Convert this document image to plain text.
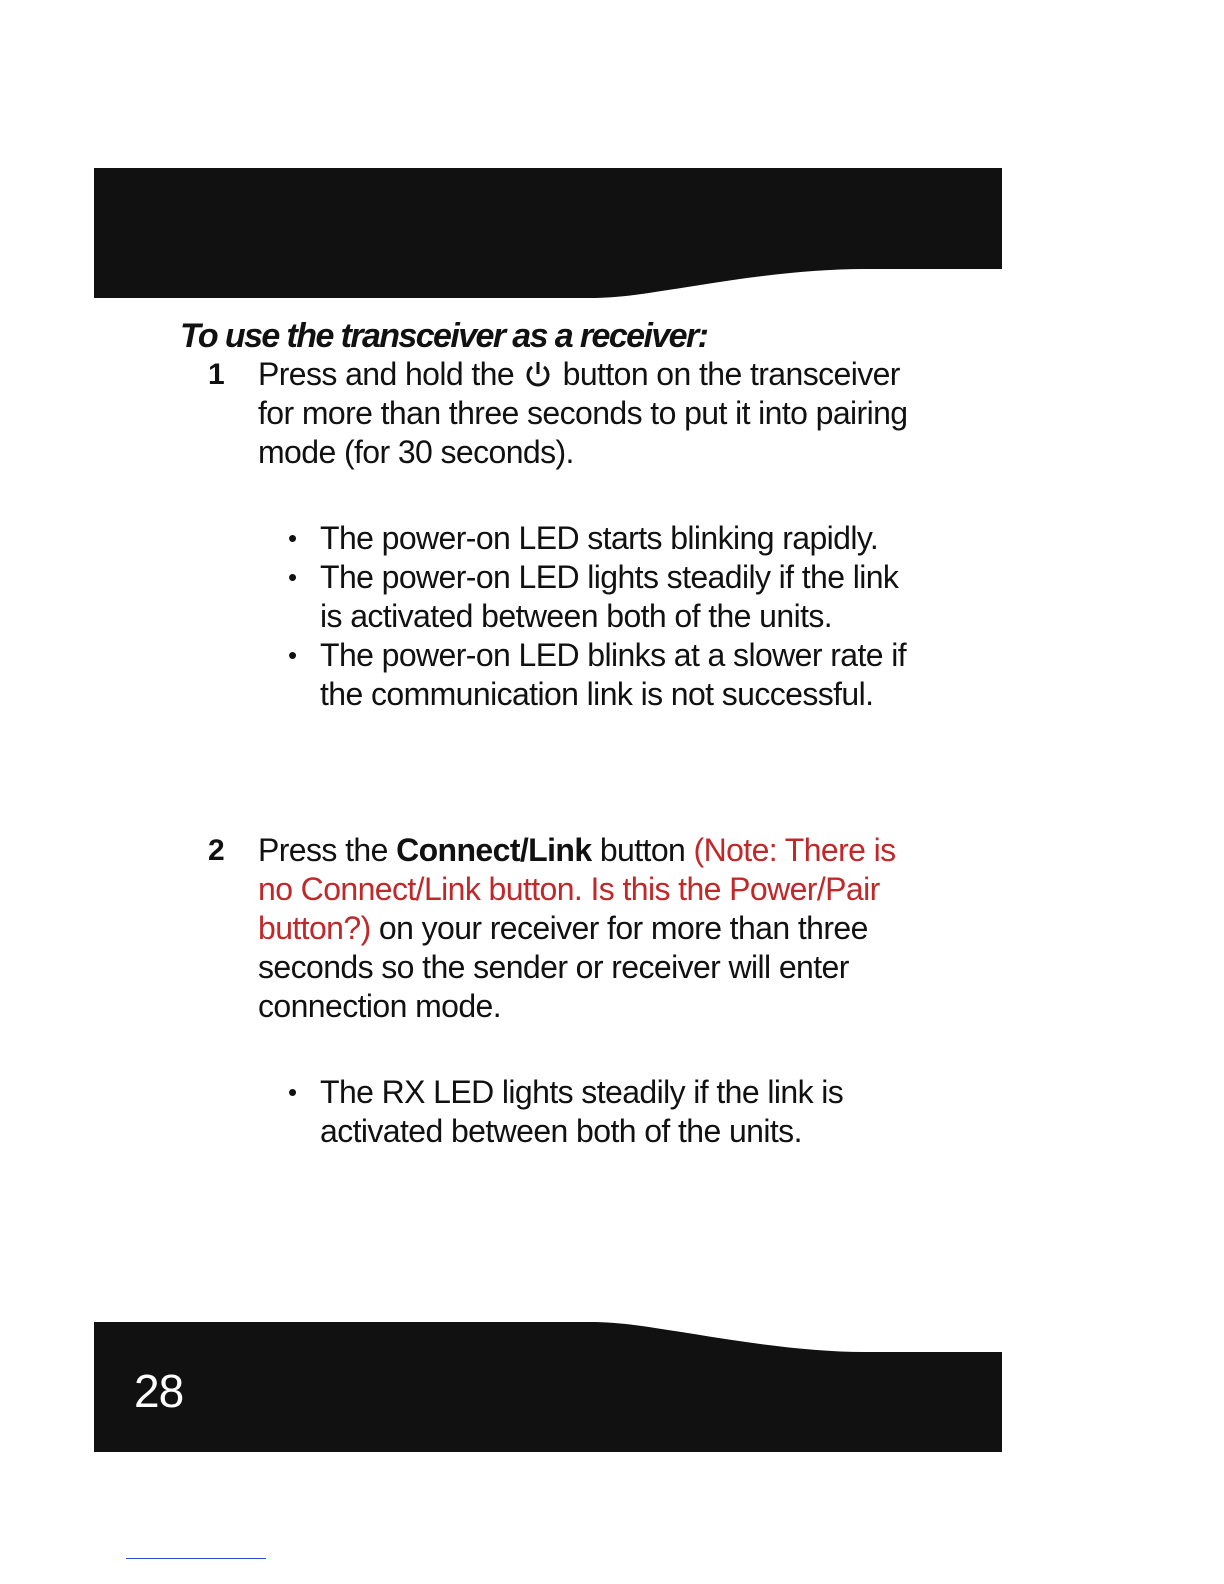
To use the transceiver as a receiver:
1	Press and hold the button on the transceiver for more than three seconds to put it into pairing mode (for 30 seconds).

• The power-on LED starts blinking rapidly.
• The power-on LED lights steadily if the link is activated between both of the units.
• The power-on LED blinks at a slower rate if the communication link is not successful.
2	Press the Connect/Link button (Note: There is no Connect/Link button. Is this the Power/Pair button?) on your receiver for more than three seconds so the sender or receiver will enter connection mode.

• The RX LED lights steadily if the link is activated between both of the units.
28
